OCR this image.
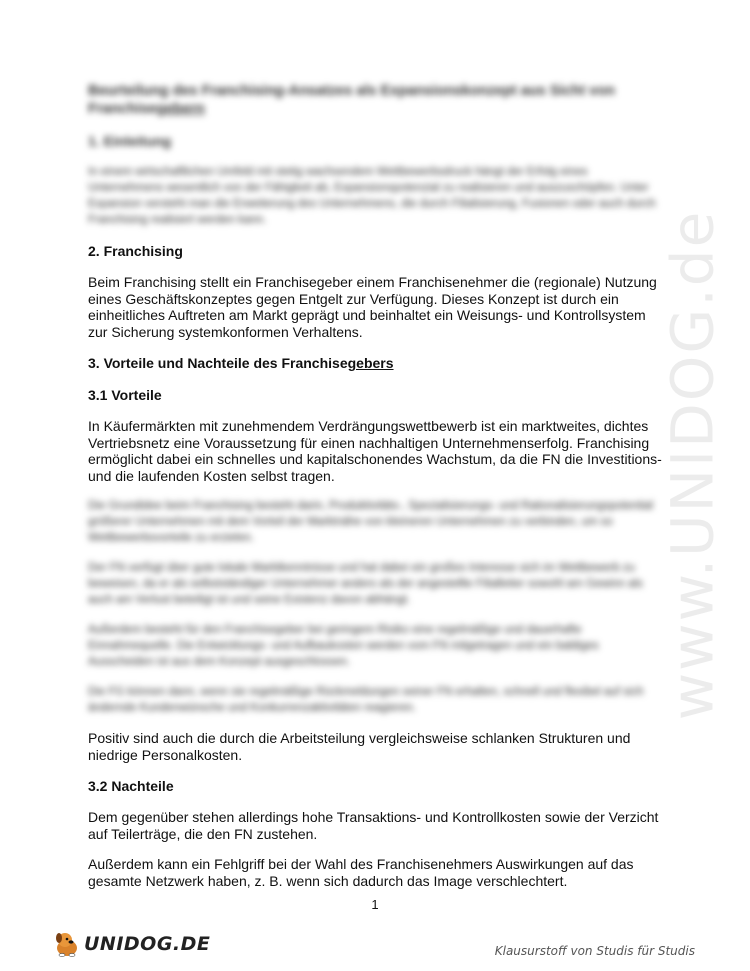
www.UNIDOG.de
Beurteilung des Franchising-Ansatzes als Expansionskonzept aus Sicht von
Franchisegebern
1. Einleitung

In einem wirtschaftlichen Umfeld mit stetig wachsendem Wettbewerbsdruck hängt der Erfolg eines Unternehmens wesentlich von der Fähigkeit ab, Expansionspotenzial zu realisieren und auszuschöpfen. Unter Expansion versteht man die Erweiterung des Unternehmens, die durch Filialisierung, Fusionen oder auch durch Franchising realisiert werden kann.

2. Franchising

Beim Franchising stellt ein Franchisegeber einem Franchisenehmer die (regionale) Nutzung eines Geschäftskonzeptes gegen Entgelt zur Verfügung. Dieses Konzept ist durch ein einheitliches Auftreten am Markt geprägt und beinhaltet ein Weisungs- und Kontrollsystem zur Sicherung systemkonformen Verhaltens.

3. Vorteile und Nachteile des Franchisegebers
3.1 Vorteile

In Käufermärkten mit zunehmendem Verdrängungswettbewerb ist ein marktweites, dichtes Vertriebsnetz eine Voraussetzung für einen nachhaltigen Unternehmenserfolg. Franchising ermöglicht dabei ein schnelles und kapitalschonendes Wachstum, da die FN die Investitions- und die laufenden Kosten selbst tragen.

Die Grundidee beim Franchising besteht darin, Produktivitäts-, Spezialisierungs- und Rationalisierungspotential größerer Unternehmen mit dem Vorteil der Marktnähe von kleineren Unternehmen zu verbinden, um so Wettbewerbsvorteile zu erzielen.

Der FN verfügt über gute lokale Marktkenntnisse und hat dabei ein großes Interesse sich im Wettbewerb zu beweisen, da er als selbstständiger Unternehmer anders als der angestellte Filialleiter sowohl am Gewinn als auch am Verlust beteiligt ist und seine Existenz davon abhängt.

Außerdem besteht für den Franchisegeber bei geringem Risiko eine regelmäßige und dauerhafte Einnahmequelle. Die Entwicklungs- und Aufbaukosten werden vom FN mitgetragen und ein baldiges Ausscheiden ist aus dem Konzept ausgeschlossen.

Die FG können dann, wenn sie regelmäßige Rückmeldungen seiner FN erhalten, schnell und flexibel auf sich ändernde Kundenwünsche und Konkurrenzaktivitäten reagieren.

Positiv sind auch die durch die Arbeitsteilung vergleichsweise schlanken Strukturen und niedrige Personalkosten.

3.2 Nachteile

Dem gegenüber stehen allerdings hohe Transaktions- und Kontrollkosten sowie der Verzicht auf Teilerträge, die den FN zustehen.

Außerdem kann ein Fehlgriff bei der Wahl des Franchisenehmers Auswirkungen auf das gesamte Netzwerk haben, z. B. wenn sich dadurch das Image verschlechtert.

1
UNIDOG.DE	Klausurstoff von Studis für Studis
